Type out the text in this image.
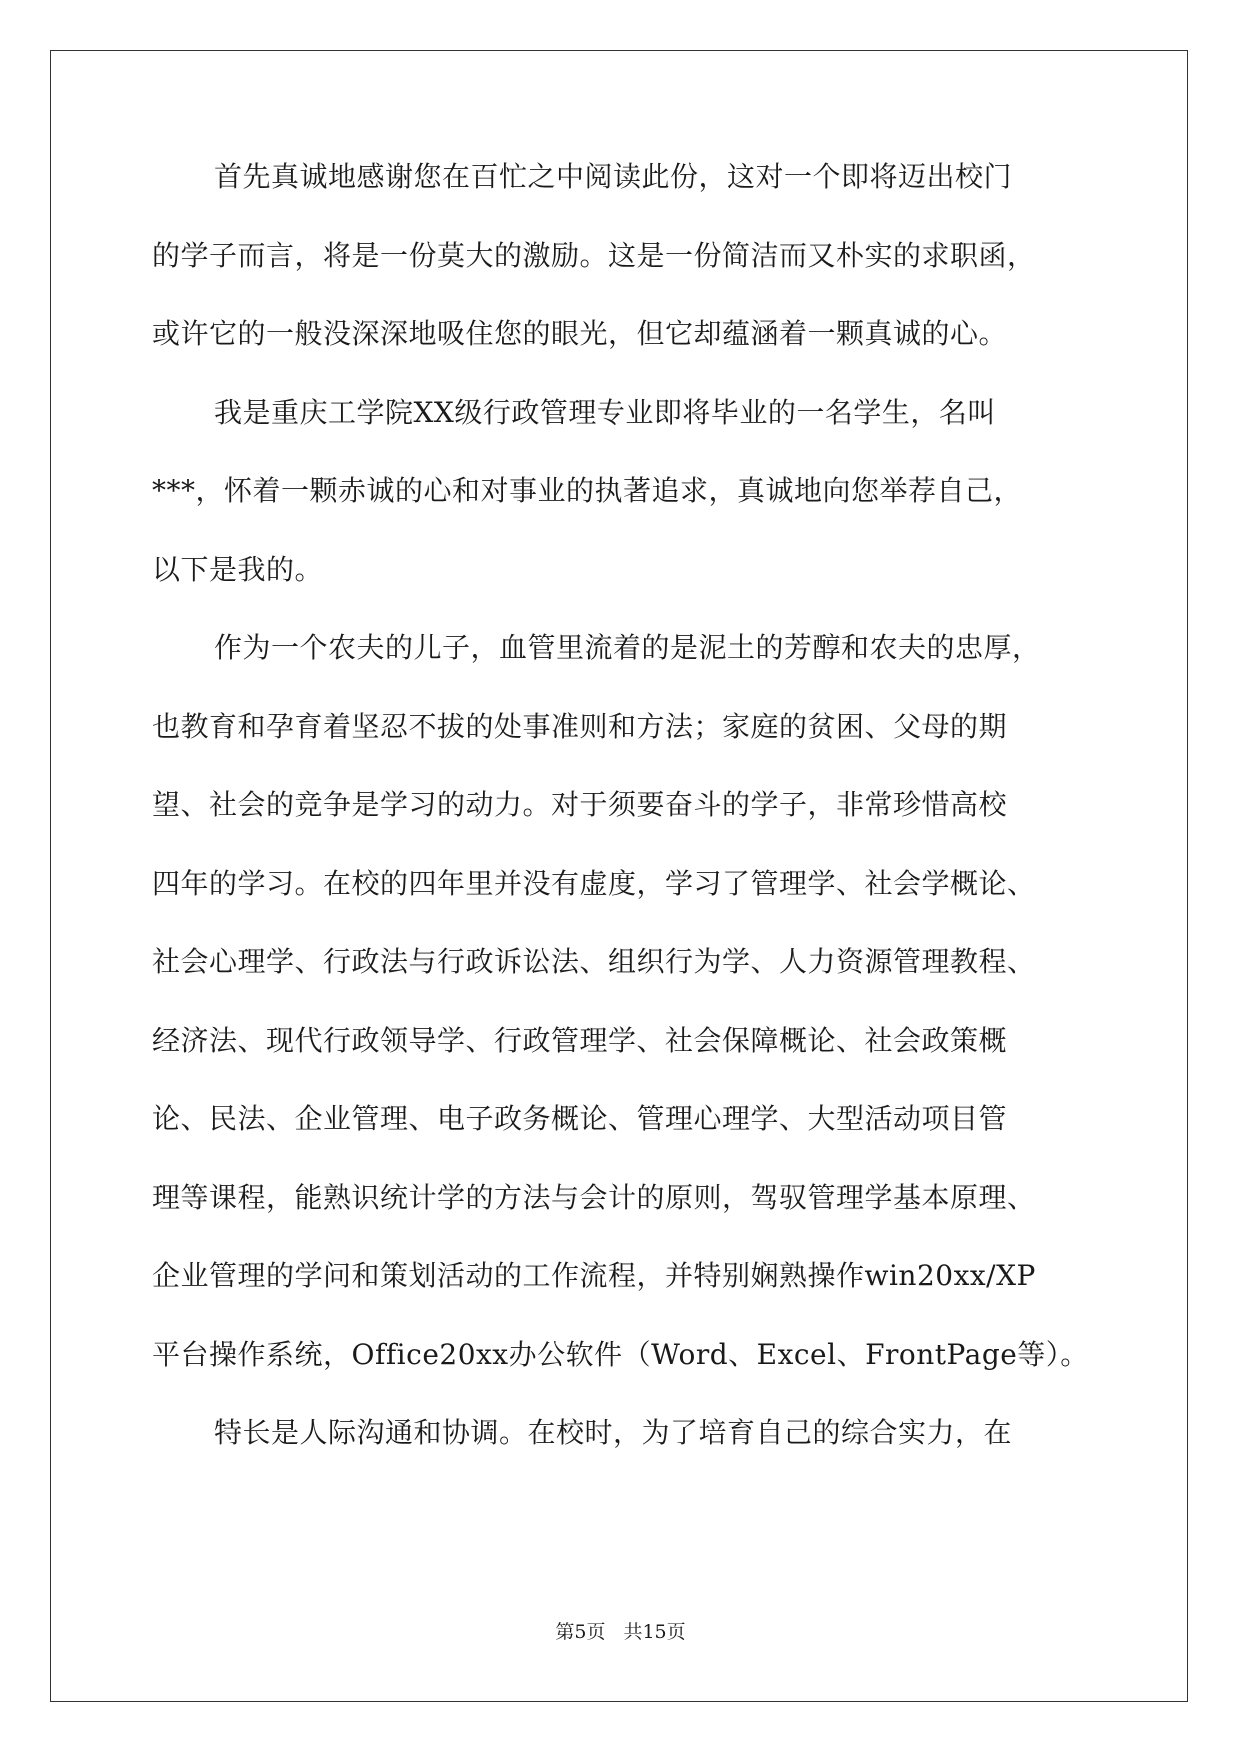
首先真诚地感谢您在百忙之中阅读此份，这对一个即将迈出校门
的学子而言，将是一份莫大的激励。这是一份简洁而又朴实的求职函，
或许它的一般没深深地吸住您的眼光，但它却蕴涵着一颗真诚的心。
我是重庆工学院XX级行政管理专业即将毕业的一名学生，名叫
***，怀着一颗赤诚的心和对事业的执著追求，真诚地向您举荐自己，
以下是我的。
作为一个农夫的儿子，血管里流着的是泥土的芳醇和农夫的忠厚，
也教育和孕育着坚忍不拔的处事准则和方法；家庭的贫困、父母的期
望、社会的竞争是学习的动力。对于须要奋斗的学子，非常珍惜高校
四年的学习。在校的四年里并没有虚度，学习了管理学、社会学概论、
社会心理学、行政法与行政诉讼法、组织行为学、人力资源管理教程、
经济法、现代行政领导学、行政管理学、社会保障概论、社会政策概
论、民法、企业管理、电子政务概论、管理心理学、大型活动项目管
理等课程，能熟识统计学的方法与会计的原则，驾驭管理学基本原理、
企业管理的学问和策划活动的工作流程，并特别娴熟操作win20xx/XP
平台操作系统，Office20xx办公软件（Word、Excel、FrontPage等）。
特长是人际沟通和协调。在校时，为了培育自己的综合实力，在
第5页 共15页
